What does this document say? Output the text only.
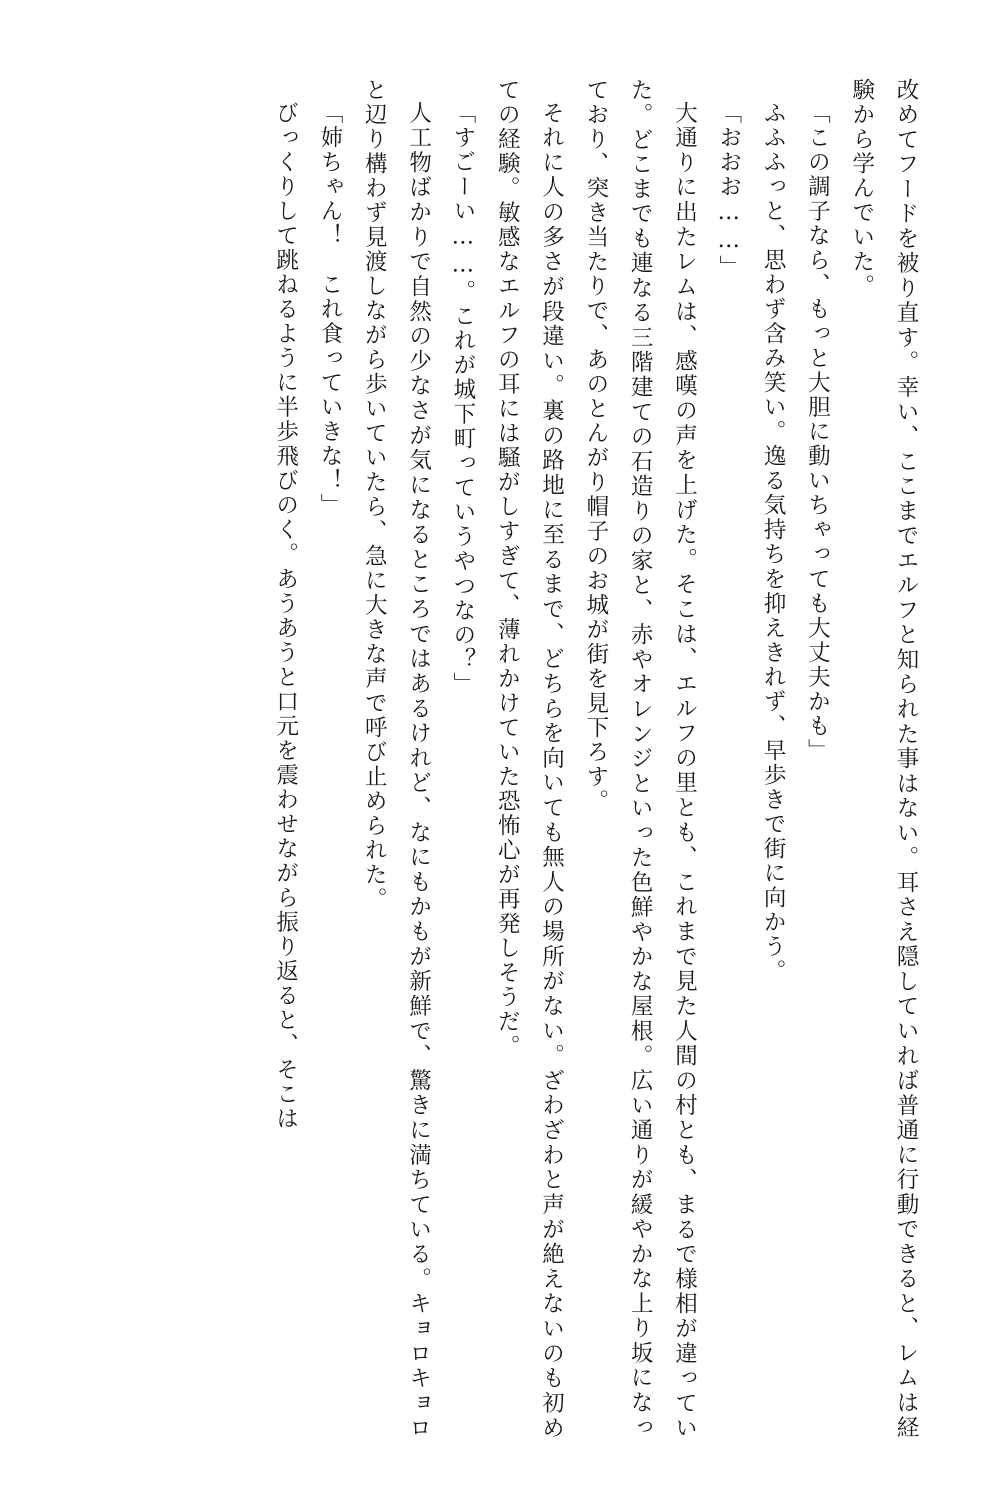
改めてフードを被り直す。幸い、ここまでエルフと知られた事はない。耳さえ隠していれば普通に行動できると、レムは経験から学んでいた。

「この調子なら、もっと大胆に動いちゃっても大丈夫かも」

ふふふっと、思わず含み笑い。逸る気持ちを抑えきれず、早歩きで街に向かう。

「おおお……」

大通りに出たレムは、感嘆の声を上げた。そこは、エルフの里とも、これまで見た人間の村とも、まるで様相が違っていた。どこまでも連なる三階建ての石造りの家と、赤やオレンジといった色鮮やかな屋根。広い通りが緩やかな上り坂になっており、突き当たりで、あのとんがり帽子のお城が街を見下ろす。

それに人の多さが段違い。裏の路地に至るまで、どちらを向いても無人の場所がない。ざわざわと声が絶えないのも初めての経験。敏感なエルフの耳には騒がしすぎて、薄れかけていた恐怖心が再発しそうだ。

「すごーい……。これが城下町っていうやつなの？」

人工物ばかりで自然の少なさが気になるところではあるけれど、なにもかもが新鮮で、驚きに満ちている。キョロキョロと辺り構わず見渡しながら歩いていたら、急に大きな声で呼び止められた。

「姉ちゃん！　これ食っていきな！」

びっくりして跳ねるように半歩飛びのく。あうあうと口元を震わせながら振り返ると、そこは
